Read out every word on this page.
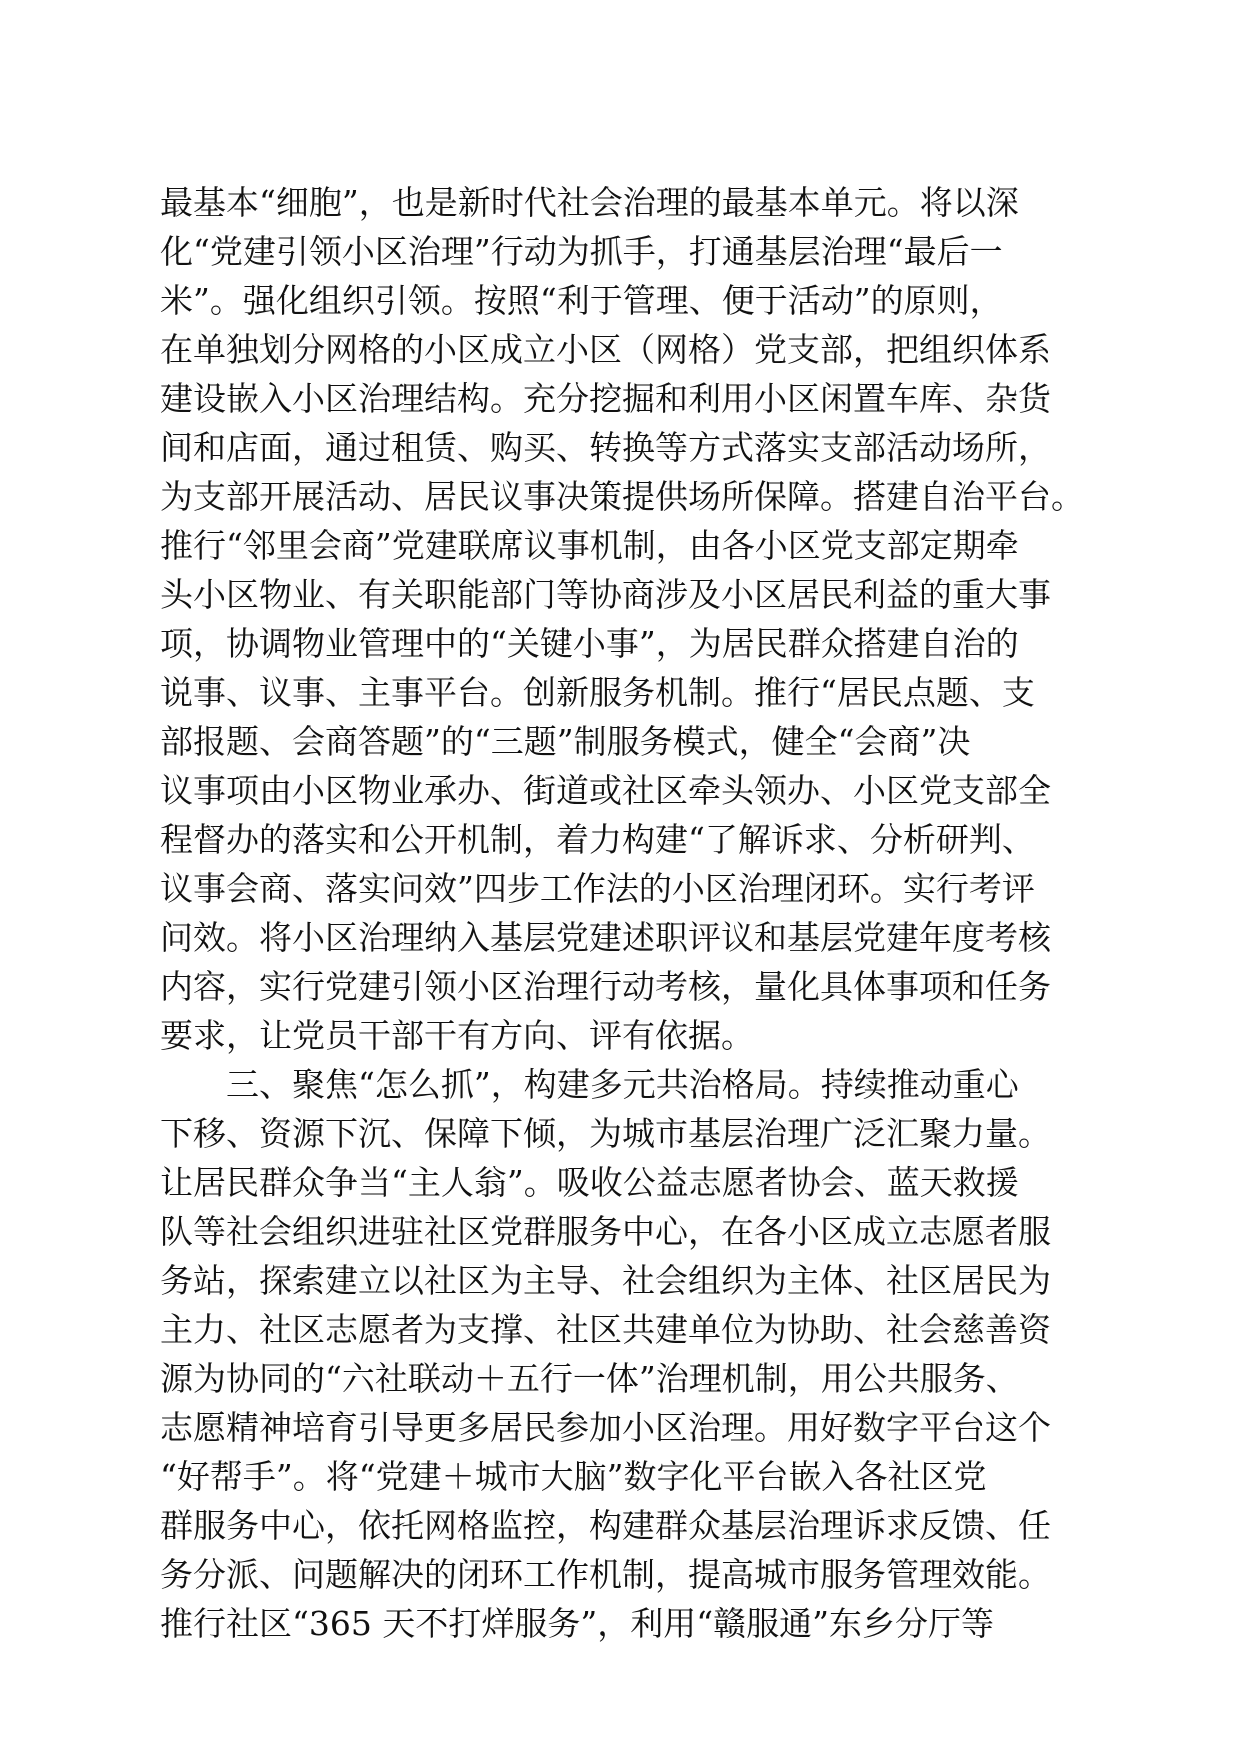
最基本“细胞”，也是新时代社会治理的最基本单元。将以深
化“党建引领小区治理”行动为抓手，打通基层治理“最后一
米”。强化组织引领。按照“利于管理、便于活动”的原则，
在单独划分网格的小区成立小区（网格）党支部，把组织体系
建设嵌入小区治理结构。充分挖掘和利用小区闲置车库、杂货
间和店面，通过租赁、购买、转换等方式落实支部活动场所，
为支部开展活动、居民议事决策提供场所保障。搭建自治平台。
推行“邻里会商”党建联席议事机制，由各小区党支部定期牵
头小区物业、有关职能部门等协商涉及小区居民利益的重大事
项，协调物业管理中的“关键小事”，为居民群众搭建自治的
说事、议事、主事平台。创新服务机制。推行“居民点题、支
部报题、会商答题”的“三题”制服务模式，健全“会商”决
议事项由小区物业承办、街道或社区牵头领办、小区党支部全
程督办的落实和公开机制，着力构建“了解诉求、分析研判、
议事会商、落实问效”四步工作法的小区治理闭环。实行考评
问效。将小区治理纳入基层党建述职评议和基层党建年度考核
内容，实行党建引领小区治理行动考核，量化具体事项和任务
要求，让党员干部干有方向、评有依据。
三、聚焦“怎么抓”，构建多元共治格局。持续推动重心
下移、资源下沉、保障下倾，为城市基层治理广泛汇聚力量。
让居民群众争当“主人翁”。吸收公益志愿者协会、蓝天救援
队等社会组织进驻社区党群服务中心，在各小区成立志愿者服
务站，探索建立以社区为主导、社会组织为主体、社区居民为
主力、社区志愿者为支撑、社区共建单位为协助、社会慈善资
源为协同的“六社联动＋五行一体”治理机制，用公共服务、
志愿精神培育引导更多居民参加小区治理。用好数字平台这个
“好帮手”。将“党建＋城市大脑”数字化平台嵌入各社区党
群服务中心，依托网格监控，构建群众基层治理诉求反馈、任
务分派、问题解决的闭环工作机制，提高城市服务管理效能。
推行社区“365 天不打烊服务”，利用“赣服通”东乡分厅等
